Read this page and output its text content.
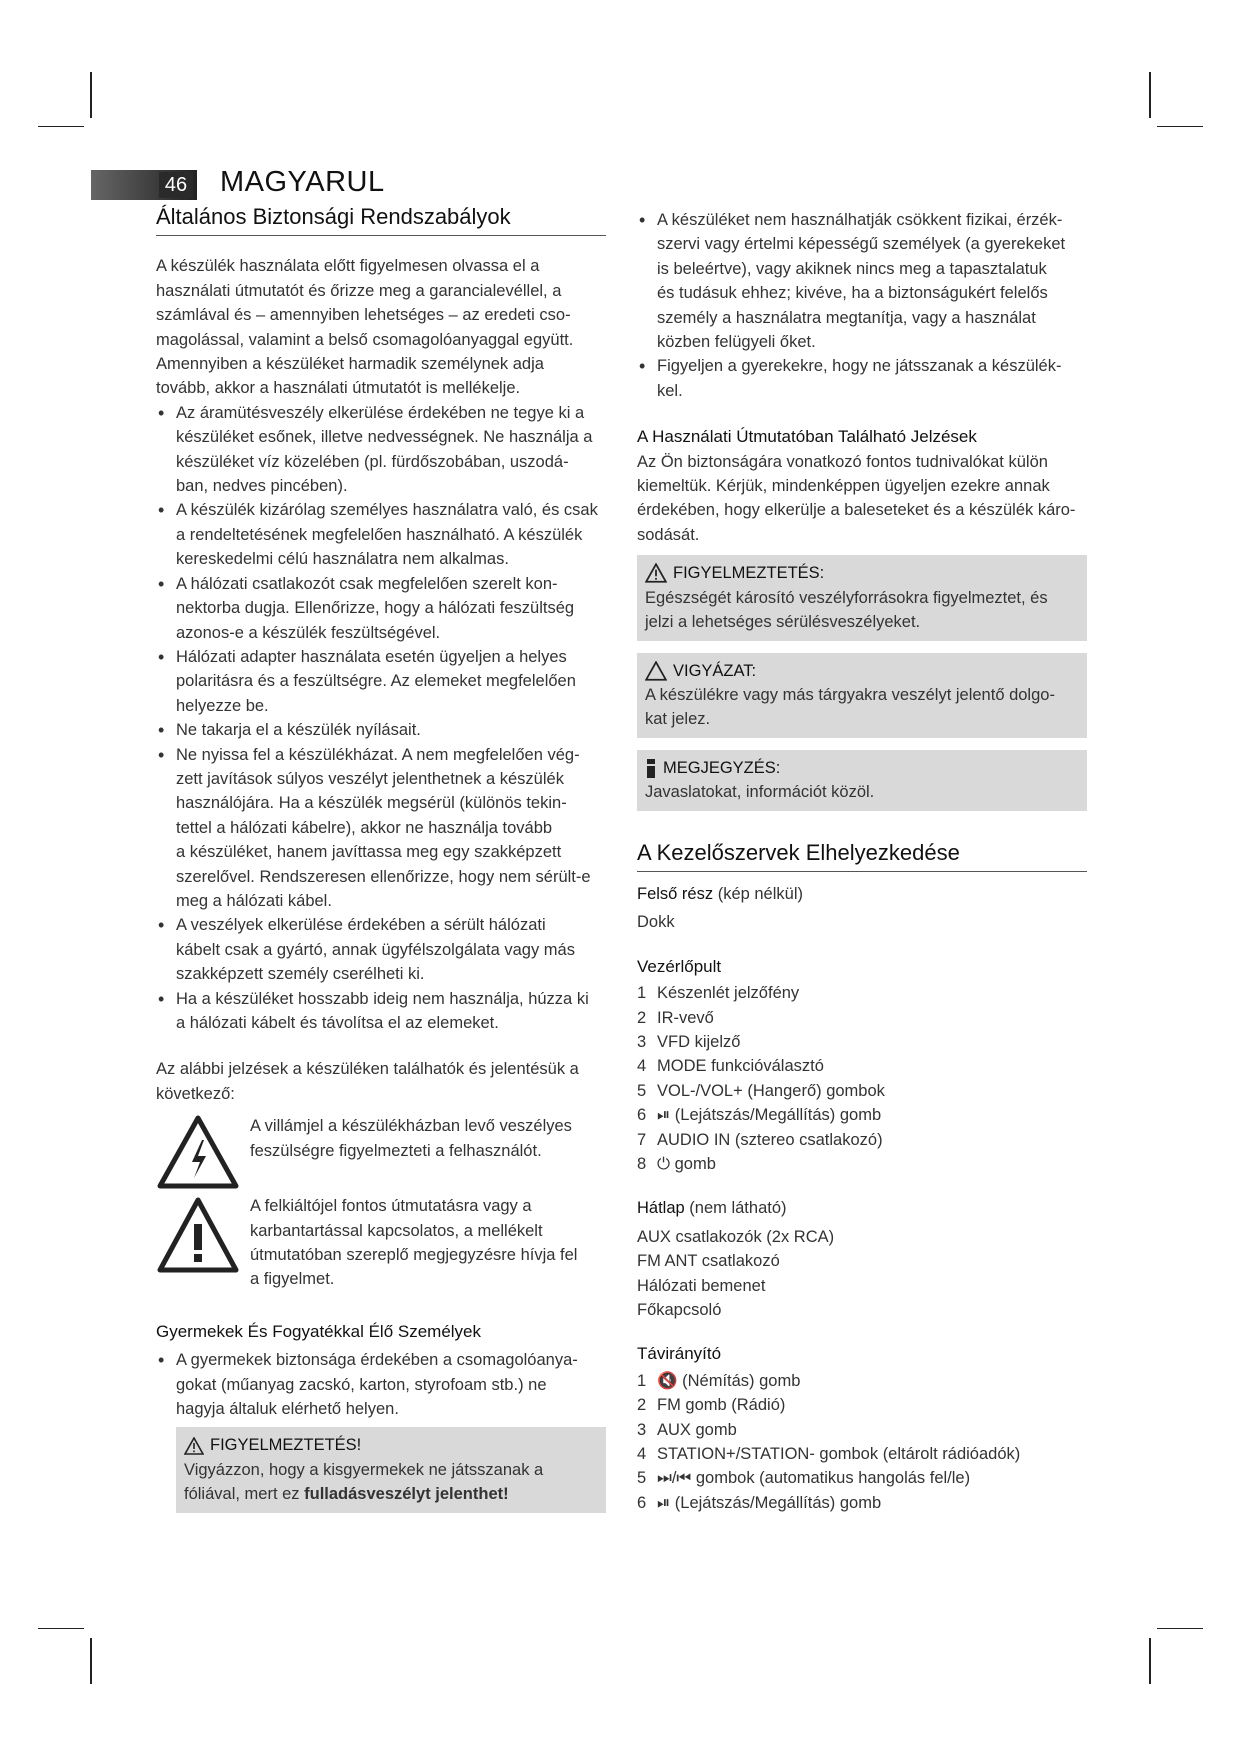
46 MAGYARUL
Általános Biztonsági Rendszabályok

A készülék használata előtt figyelmesen olvassa el a
használati útmutatót és őrizze meg a garancialevéllel, a
számlával és – amennyiben lehetséges – az eredeti cso-
magolással, valamint a belső csomagolóanyaggal együtt.
Amennyiben a készüléket harmadik személynek adja
tovább, akkor a használati útmutatót is mellékelje.

• Az áramütésveszély elkerülése érdekében ne tegye ki a
készüléket esőnek, illetve nedvességnek. Ne használja a
készüléket víz közelében (pl. fürdőszobában, uszodá-
ban, nedves pincében).
• A készülék kizárólag személyes használatra való, és csak
a rendeltetésének megfelelően használható. A készülék
kereskedelmi célú használatra nem alkalmas.
• A hálózati csatlakozót csak megfelelően szerelt kon-
nektorba dugja. Ellenőrizze, hogy a hálózati feszültség
azonos-e a készülék feszültségével.
• Hálózati adapter használata esetén ügyeljen a helyes
polaritásra és a feszültségre. Az elemeket megfelelően
helyezze be.
• Ne takarja el a készülék nyílásait.
• Ne nyissa fel a készülékházat. A nem megfelelően vég-
zett javítások súlyos veszélyt jelenthetnek a készülék
használójára. Ha a készülék megsérül (különös tekin-
tettel a hálózati kábelre), akkor ne használja tovább
a készüléket, hanem javíttassa meg egy szakképzett
szerelővel. Rendszeresen ellenőrizze, hogy nem sérült-e
meg a hálózati kábel.
• A veszélyek elkerülése érdekében a sérült hálózati
kábelt csak a gyártó, annak ügyfélszolgálata vagy más
szakképzett személy cserélheti ki.
• Ha a készüléket hosszabb ideig nem használja, húzza ki
a hálózati kábelt és távolítsa el az elemeket.

Az alábbi jelzések a készüléken találhatók és jelentésük a
következő:

A villámjel a készülékházban levő veszélyes
feszülségre figyelmezteti a felhasználót.

A felkiáltójel fontos útmutatásra vagy a
karbantartással kapcsolatos, a mellékelt
útmutatóban szereplő megjegyzésre hívja fel
a figyelmet.

Gyermekek És Fogyatékkal Élő Személyek
• A gyermekek biztonsága érdekében a csomagolóanya-
gokat (műanyag zacskó, karton, styrofoam stb.) ne
hagyja általuk elérhető helyen.
FIGYELMEZTETÉS!

Vigyázzon, hogy a kisgyermekek ne játsszanak a
fóliával, mert ez fulladásveszélyt jelenthet!

• A készüléket nem használhatják csökkent fizikai, érzék-
szervi vagy értelmi képességű személyek (a gyerekeket
is beleértve), vagy akiknek nincs meg a tapasztalatuk
és tudásuk ehhez; kivéve, ha a biztonságukért felelős
személy a használatra megtanítja, vagy a használat
közben felügyeli őket.
• Figyeljen a gyerekekre, hogy ne játsszanak a készülék-
kel.
A Használati Útmutatóban Található Jelzések

Az Ön biztonságára vonatkozó fontos tudnivalókat külön
kiemeltük. Kérjük, mindenképpen ügyeljen ezekre annak
érdekében, hogy elkerülje a baleseteket és a készülék káro-
sodását.

FIGYELMEZTETÉS:

Egészségét károsító veszélyforrásokra figyelmeztet, és
jelzi a lehetséges sérülésveszélyeket.

VIGYÁZAT:

A készülékre vagy más tárgyakra veszélyt jelentő dolgo-
kat jelez.

MEGJEGYZÉS:

Javaslatokat, információt közöl.

A Kezelőszervek Elhelyezkedése

Felső rész (kép nélkül)

Dokk

Vezérlőpult
1 Készenlét jelzőfény
2 IR-vevő
3 VFD kijelző
4 MODE funkcióválasztó
5 VOL-/VOL+ (Hangerő) gombok
6 ⏯ (Lejátszás/Megállítás) gomb
7 AUDIO IN (sztereo csatlakozó)
8 ⏻ gomb

Hátlap (nem látható)

AUX csatlakozók (2x RCA)
FM ANT csatlakozó
Hálózati bemenet
Főkapcsoló

Távirányító
1 🔇 (Némítás) gomb
2 FM gomb (Rádió)
3 AUX gomb
4 STATION+/STATION- gombok (eltárolt rádióadók)
5 ⏭/⏮ gombok (automatikus hangolás fel/le)
6 ⏯ (Lejátszás/Megállítás) gomb
